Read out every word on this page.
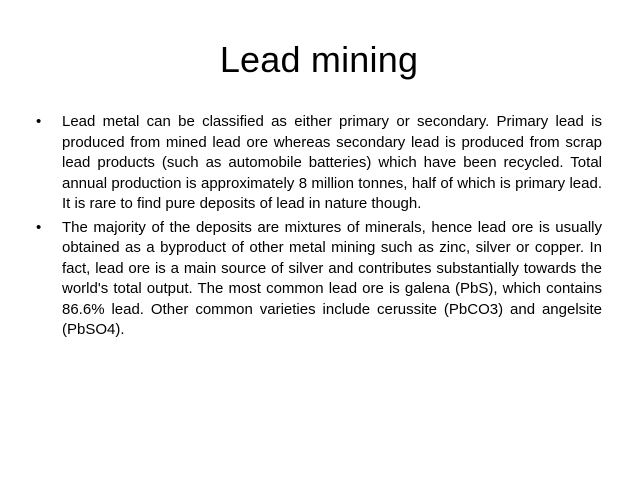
Lead mining
•	Lead metal can be classified as either primary or secondary. Primary lead is produced from mined lead ore whereas secondary lead is produced from scrap lead products (such as automobile batteries) which have been recycled. Total annual production is approximately 8 million tonnes, half of which is primary lead. It is rare to find pure deposits of lead in nature though.
•	The majority of the deposits are mixtures of minerals, hence lead ore is usually obtained as a byproduct of other metal mining such as zinc, silver or copper. In fact, lead ore is a main source of silver and contributes substantially towards the world's total output. The most common lead ore is galena (PbS), which contains 86.6% lead. Other common varieties include cerussite (PbCO3) and angelsite (PbSO4).
